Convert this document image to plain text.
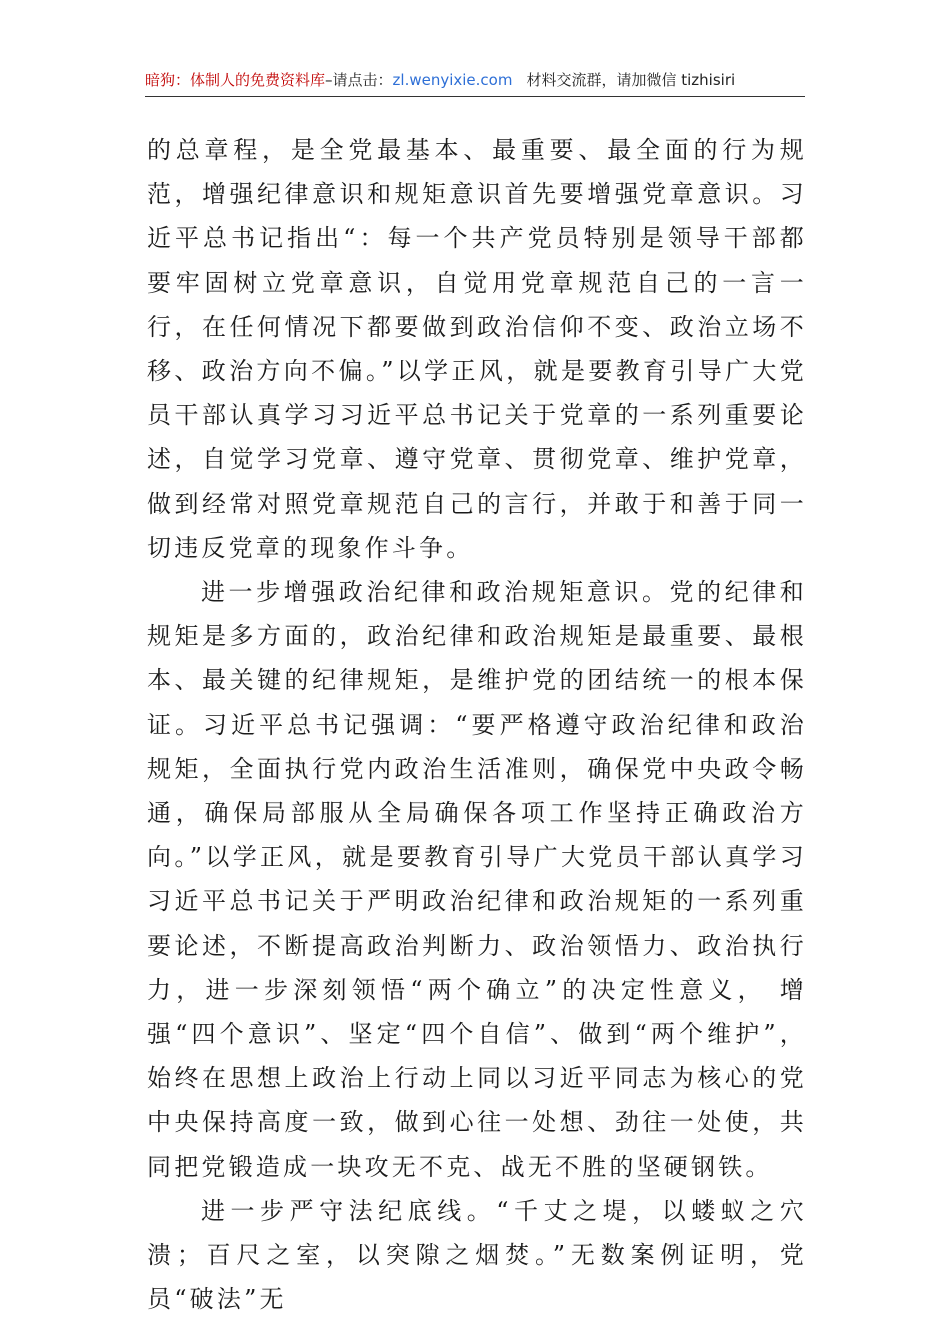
暗狗：体制人的免费资料库–请点击：zl.wenyixie.com 材料交流群，请加微信 tizhisiri

的总章程，是全党最基本、最重要、最全面的行为规范，增强纪律意识和规矩意识首先要增强党章意识。习近平总书记指出“：每一个共产党员特别是领导干部都要牢固树立党章意识，自觉用党章规范自己的一言一行，在任何情况下都要做到政治信仰不变、政治立场不移、政治方向不偏。”以学正风，就是要教育引导广大党员干部认真学习习近平总书记关于党章的一系列重要论述，自觉学习党章、遵守党章、贯彻党章、维护党章，做到经常对照党章规范自己的言行，并敢于和善于同一切违反党章的现象作斗争。

进一步增强政治纪律和政治规矩意识。党的纪律和规矩是多方面的，政治纪律和政治规矩是最重要、最根本、最关键的纪律规矩，是维护党的团结统一的根本保证。习近平总书记强调：“要严格遵守政治纪律和政治规矩，全面执行党内政治生活准则，确保党中央政令畅通，确保局部服从全局确保各项工作坚持正确政治方向。”以学正风，就是要教育引导广大党员干部认真学习习近平总书记关于严明政治纪律和政治规矩的一系列重要论述，不断提高政治判断力、政治领悟力、政治执行力，进一步深刻领悟“两个确立”的决定性意义， 增强“四个意识”、坚定“四个自信”、做到“两个维护”，始终在思想上政治上行动上同以习近平同志为核心的党中央保持高度一致，做到心往一处想、劲往一处使，共同把党锻造成一块攻无不克、战无不胜的坚硬钢铁。

进一步严守法纪底线。“千丈之堤，以蝼蚁之穴溃；百尺之室，以突隙之烟焚。”无数案例证明，党员“破法”无
